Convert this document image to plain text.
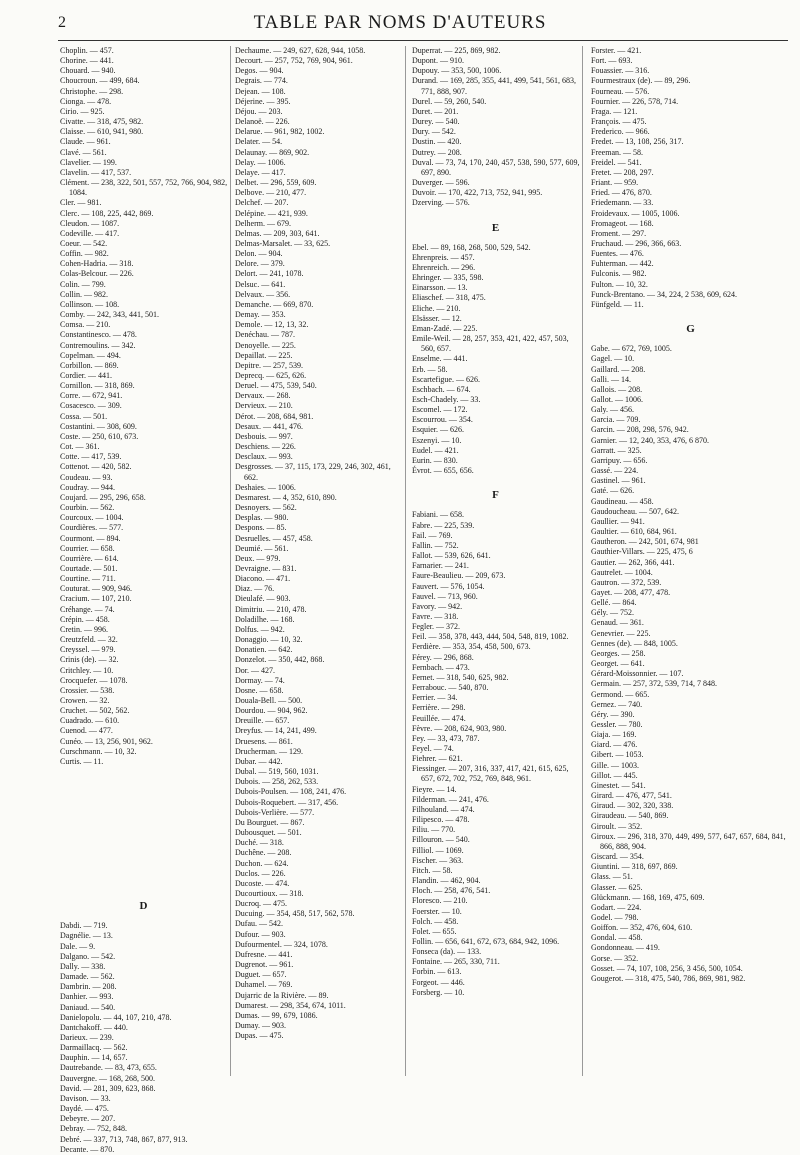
2	TABLE PAR NOMS D'AUTEURS
Choplin. — 457.
Chorine. — 441.
Chouard. — 940.
Choucroun. — 499, 684.
Christophe. — 298.
Cionga. — 478.
Cirio. — 925.
Civatte. — 318, 475, 982.
Claisse. — 610, 941, 980.
Claude. — 961.
Clavé. — 561.
Clavelier. — 199.
Clavelin. — 417, 537.
Clément. — 238, 322, 501, 557, 752, 766, 904, 982, 1084.
Cler. — 981.
Clerc. — 108, 225, 442, 869.
Cleudon. — 1087.
Codeville. — 417.
Coeur. — 542.
Coffin. — 982.
Cohen-Hadria. — 318.
Colas-Belcour. — 226.
Colin. — 799.
Collin. — 982.
Collinson. — 108.
Comby. — 242, 343, 441, 501.
Comsa. — 210.
Constantinesco. — 478.
Contremoulins. — 342.
Copelman. — 494.
Corbillon. — 869.
Cordier. — 441.
Cornillon. — 318, 869.
Corre. — 672, 941.
Cosacesco. — 309.
Cossa. — 501.
Costantini. — 308, 609.
Coste. — 250, 610, 673.
Cot. — 361.
Cotte. — 417, 539.
Cottenot. — 420, 582.
Coudeau. — 93.
Coudray. — 944.
Coujard. — 295, 296, 658.
Courbin. — 562.
Courcoux. — 1004.
Courdières. — 577.
Courmont. — 894.
Courrier. — 658.
Courrière. — 614.
Courtade. — 501.
Courtine. — 711.
Couturat. — 909, 946.
Cracium. — 107, 210.
Créhange. — 74.
Crépin. — 458.
Cretin. — 996.
Creutzfeld. — 32.
Creyssel. — 979.
Crinis (de). — 32.
Critchley. — 10.
Crocquefer. — 1078.
Crossier. — 538.
Crowen. — 32.
Cruchet. — 502, 562.
Cuadrado. — 610.
Cuenod. — 477.
Cunéo. — 13, 256, 901, 962.
Curschmann. — 10, 32.
Curtis. — 11.
D
Dabdi. — 719.
Dagnélie. — 13.
Dale. — 9.
Dalgano. — 542.
Dally. — 338.
Damade. — 562.
Dambrin. — 208.
Danhier. — 993.
Daniaud. — 540.
Danielopolu. — 44, 107, 210, 478.
Dantchakoff. — 440.
Darieux. — 239.
Darmaillacq. — 562.
Dauphin. — 14, 657.
Dautrebande. — 83, 473, 655.
Dauvergne. — 168, 268, 500.
David. — 281, 309, 623, 868.
Davison. — 33.
Daydé. — 475.
Debeyre. — 207.
Debray. — 752, 848.
Debré. — 337, 713, 748, 867, 877, 913.
Decante. — 870.
Dechaume. — 249, 627, 628, 944, 1058.
Decourt. — 257, 752, 769, 904, 961.
Degos. — 904.
Degrais. — 774.
Dejean. — 108.
Déjerine. — 395.
Déjou. — 203.
Delanoë. — 226.
Delarue. — 961, 982, 1002.
Delater. — 54.
Delaunay. — 869, 902.
Delay. — 1006.
Delaye. — 417.
Delbet. — 296, 559, 609.
Delbove. — 210, 477.
Delchef. — 207.
Delépine. — 421, 939.
Delherm. — 679.
Delmas. — 209, 303, 641.
Delmas-Marsalet. — 33, 625.
Delon. — 904.
Delore. — 379.
Delort. — 241, 1078.
Delsuc. — 641.
Delvaux. — 356.
Demanche. — 669, 870.
Demay. — 353.
Demole. — 12, 13, 32.
Denéchau. — 787.
Denoyelle. — 225.
Depaillat. — 225.
Depitre. — 257, 539.
Deprecq. — 625, 626.
Deruel. — 475, 539, 540.
Dervaux. — 268.
Dervieux. — 210.
Dérot. — 208, 684, 981.
Desaux. — 441, 476.
Desbouis. — 997.
Deschiens. — 226.
Desclaux. — 993.
Desgrosses. — 37, 115, 173, 229, 246, 302, 461, 662.
Deshaies. — 1006.
Desmarest. — 4, 352, 610, 890.
Desnoyers. — 562.
Desplas. — 980.
Despons. — 85.
Desruelles. — 457, 458.
Deumié. — 561.
Deux. — 979.
Devraigne. — 831.
Diacono. — 471.
Diaz. — 76.
Dieulafé. — 903.
Dimitriu. — 210, 478.
Doladilhe. — 168.
Dolfus. — 942.
Donaggio. — 10, 32.
Donatien. — 642.
Donzelot. — 350, 442, 868.
Dor. — 427.
Dormay. — 74.
Dosne. — 658.
Douala-Bell. — 500.
Dourdou. — 904, 962.
Dreuille. — 657.
Dreyfus. — 14, 241, 499.
Druesens. — 861.
Drucherman. — 129.
Dubar. — 442.
Dubal. — 519, 560, 1031.
Dubois. — 258, 262, 533.
Dubois-Poulsen. — 108, 241, 476.
Dubois-Roquebert. — 317, 456.
Dubois-Verlière. — 577.
Du Bourguet. — 867.
Dubousquet. — 501.
Duché. — 318.
Duchêne. — 208.
Duchon. — 624.
Duclos. — 226.
Ducoste. — 474.
Ducourtioux. — 318.
Ducroq. — 475.
Ducuing. — 354, 458, 517, 562, 578.
Dufau. — 542.
Dufour. — 903.
Dufourmentel. — 324, 1078.
Dufresne. — 441.
Dugrenot. — 961.
Duguet. — 657.
Duhamel. — 769.
Dujarric de la Rivière. — 89.
Dumarest. — 298, 354, 674, 1011.
Dumas. — 99, 679, 1086.
Dumay. — 903.
Dupas. — 475.
Duperrat. — 225, 869, 982.
Dupont. — 910.
Dupouy. — 353, 500, 1006.
Durand. — 169, 285, 355, 441, 499, 541, 561, 683, 771, 888, 907.
Durel. — 59, 260, 540.
Duret. — 201.
Durey. — 540.
Dury. — 542.
Dustin. — 420.
Dutrey. — 208.
Duval. — 73, 74, 170, 240, 457, 538, 590, 577, 609, 697, 890.
Duverger. — 596.
Duvoir. — 170, 422, 713, 752, 941, 995.
Dzerving. — 576.
E
Ebel. — 89, 168, 268, 500, 529, 542.
Ehrenpreis. — 457.
Ehrenreich. — 296.
Ehringer. — 335, 598.
Einarsson. — 13.
Eliaschef. — 318, 475.
Eliche. — 210.
Elsässer. — 12.
Eman-Zadé. — 225.
Emile-Weil. — 28, 257, 353, 421, 422, 457, 503, 560, 657.
Enselme. — 441.
Erb. — 58.
Escartefigue. — 626.
Eschbach. — 674.
Esch-Chadely. — 33.
Escomel. — 172.
Escourrou. — 354.
Esquier. — 626.
Eszenyi. — 10.
Eudel. — 421.
Eurin. — 830.
Évrot. — 655, 656.
F
Fabiani. — 658.
Fabre. — 225, 539.
Fail. — 769.
Fallin. — 752.
Fallot. — 539, 626, 641.
Farnarier. — 241.
Faure-Beaulieu. — 209, 673.
Fauvert. — 576, 1054.
Fauvel. — 713, 960.
Favory. — 942.
Favre. — 318.
Fegler. — 372.
Feil. — 358, 378, 443, 444, 504, 548, 819, 1082.
Ferdière. — 353, 354, 458, 500, 673.
Férey. — 296, 868.
Fernbach. — 473.
Fernet. — 318, 540, 625, 982.
Ferrabouc. — 540, 870.
Ferrier. — 34.
Ferrière. — 298.
Feuillée. — 474.
Fèvre. — 208, 624, 903, 980.
Fey. — 33, 473, 787.
Feyel. — 74.
Fiehrer. — 621.
Fiessinger. — 207, 316, 337, 417, 421, 615, 625, 657, 672, 702, 752, 769, 848, 961.
Fieyre. — 14.
Filderman. — 241, 476.
Filhouland. — 474.
Filipesco. — 478.
Filiu. — 770.
Fillouron. — 540.
Filliol. — 1069.
Fischer. — 363.
Fitch. — 58.
Flandin. — 462, 904.
Floch. — 258, 476, 541.
Floresco. — 210.
Foerster. — 10.
Folch. — 458.
Folet. — 655.
Follin. — 656, 641, 672, 673, 684, 942, 1096.
Fonseca (da). — 133.
Fontaine. — 265, 330, 711.
Forbin. — 613.
Forgeot. — 446.
Forsberg. — 10.
Forster. — 421.
Fort. — 693.
Fouassier. — 316.
Fourmestraux (de). — 89, 296.
Fourneau. — 576.
Fournier. — 226, 578, 714.
Fraga. — 121.
François. — 475.
Frederico. — 966.
Fredet. — 13, 108, 256, 317.
Freeman. — 58.
Freidel. — 541.
Fretet. — 208, 297.
Friant. — 959.
Fried. — 476, 870.
Friedemann. — 33.
Froidevaux. — 1005, 1006.
Fromageot. — 168.
Froment. — 297.
Fruchaud. — 296, 366, 663.
Fuentes. — 476.
Fuhterman. — 442.
Fulconis. — 982.
Fulton. — 10, 32.
Funck-Brentano. — 34, 224, 2 538, 609, 624.
Fünfgeld. — 11.
G
Gabe. — 672, 769, 1005.
Gagel. — 10.
Gaillard. — 208.
Galli. — 14.
Gallois. — 208.
Gallot. — 1006.
Galy. — 456.
Garcia. — 709.
Garcin. — 208, 298, 576, 942.
Garnier. — 12, 240, 353, 476, 6 870.
Garratt. — 325.
Garripuy. — 656.
Gassé. — 224.
Gastinel. — 961.
Gaté. — 626.
Gaudineau. — 458.
Gaudoucheau. — 507, 642.
Gaullier. — 941.
Gaultier. — 610, 684, 961.
Gautheron. — 242, 501, 674, 981
Gauthier-Villars. — 225, 475, 6
Gautier. — 262, 366, 441.
Gautrelet. — 1004.
Gautron. — 372, 539.
Gayet. — 208, 477, 478.
Gellé. — 864.
Gély. — 752.
Genaud. — 361.
Genevrier. — 225.
Gennes (de). — 848, 1005.
Georges. — 258.
Georget. — 641.
Gérard-Moissonnier. — 107.
Germain. — 257, 372, 539, 714, 7 848.
Germond. — 665.
Gernez. — 740.
Géry. — 390.
Gessler. — 780.
Giaja. — 169.
Giard. — 476.
Gibert. — 1053.
Gille. — 1003.
Gillot. — 445.
Ginestet. — 541.
Girard. — 476, 477, 541.
Giraud. — 302, 320, 338.
Giraudeau. — 540, 869.
Giroult. — 352.
Giroux. — 296, 318, 370, 449, 499, 577, 647, 657, 684, 841, 866, 888, 904.
Giscard. — 354.
Giuntini. — 318, 697, 869.
Glass. — 51.
Glasser. — 625.
Glückmann. — 168, 169, 475, 609.
Godart. — 224.
Godel. — 798.
Goiffon. — 352, 476, 604, 610.
Gondal. — 458.
Gondonneau. — 419.
Gorse. — 352.
Gosset. — 74, 107, 108, 256, 3 456, 500, 1054.
Gougerot. — 318, 475, 540, 786, 869, 981, 982.
